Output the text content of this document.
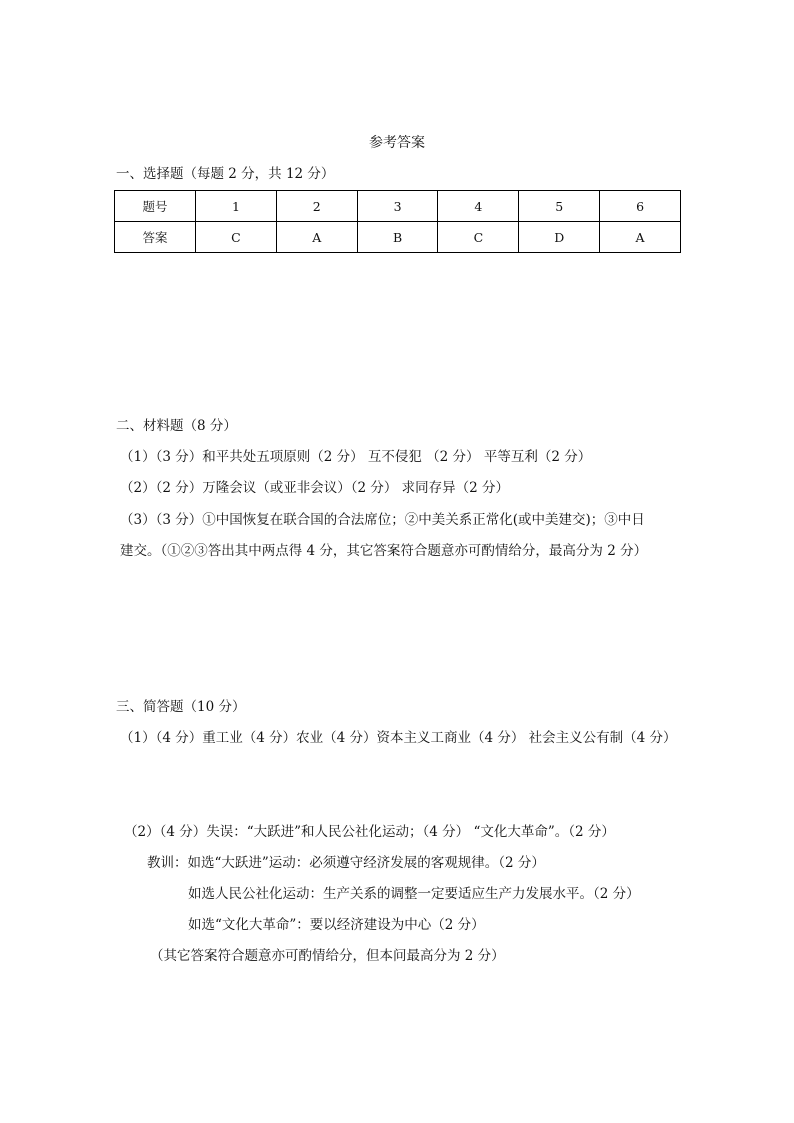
参考答案
一、选择题（每题 2 分，共 12 分）
题号	1	2	3	4	5	6
答案	C	A	B	C	D	A
二、材料题（8 分）
（1）（3 分）和平共处五项原则（2 分） 互不侵犯 （2 分） 平等互利（2 分）
（2）（2 分）万隆会议（或亚非会议）（2 分） 求同存异（2 分）
（3）（3 分）①中国恢复在联合国的合法席位；②中美关系正常化(或中美建交)；③中日
建交。（①②③答出其中两点得 4 分，其它答案符合题意亦可酌情给分，最高分为 2 分）
三、简答题（10 分）
（1）（4 分）重工业（4 分）农业（4 分）资本主义工商业（4 分） 社会主义公有制（4 分）
（2）（4 分）失误：“大跃进”和人民公社化运动；（4 分） “文化大革命”。（2 分）
教训：如选“大跃进”运动：必须遵守经济发展的客观规律。（2 分）
如选人民公社化运动：生产关系的调整一定要适应生产力发展水平。（2 分）
如选“文化大革命”：要以经济建设为中心（2 分）
（其它答案符合题意亦可酌情给分，但本问最高分为 2 分）
